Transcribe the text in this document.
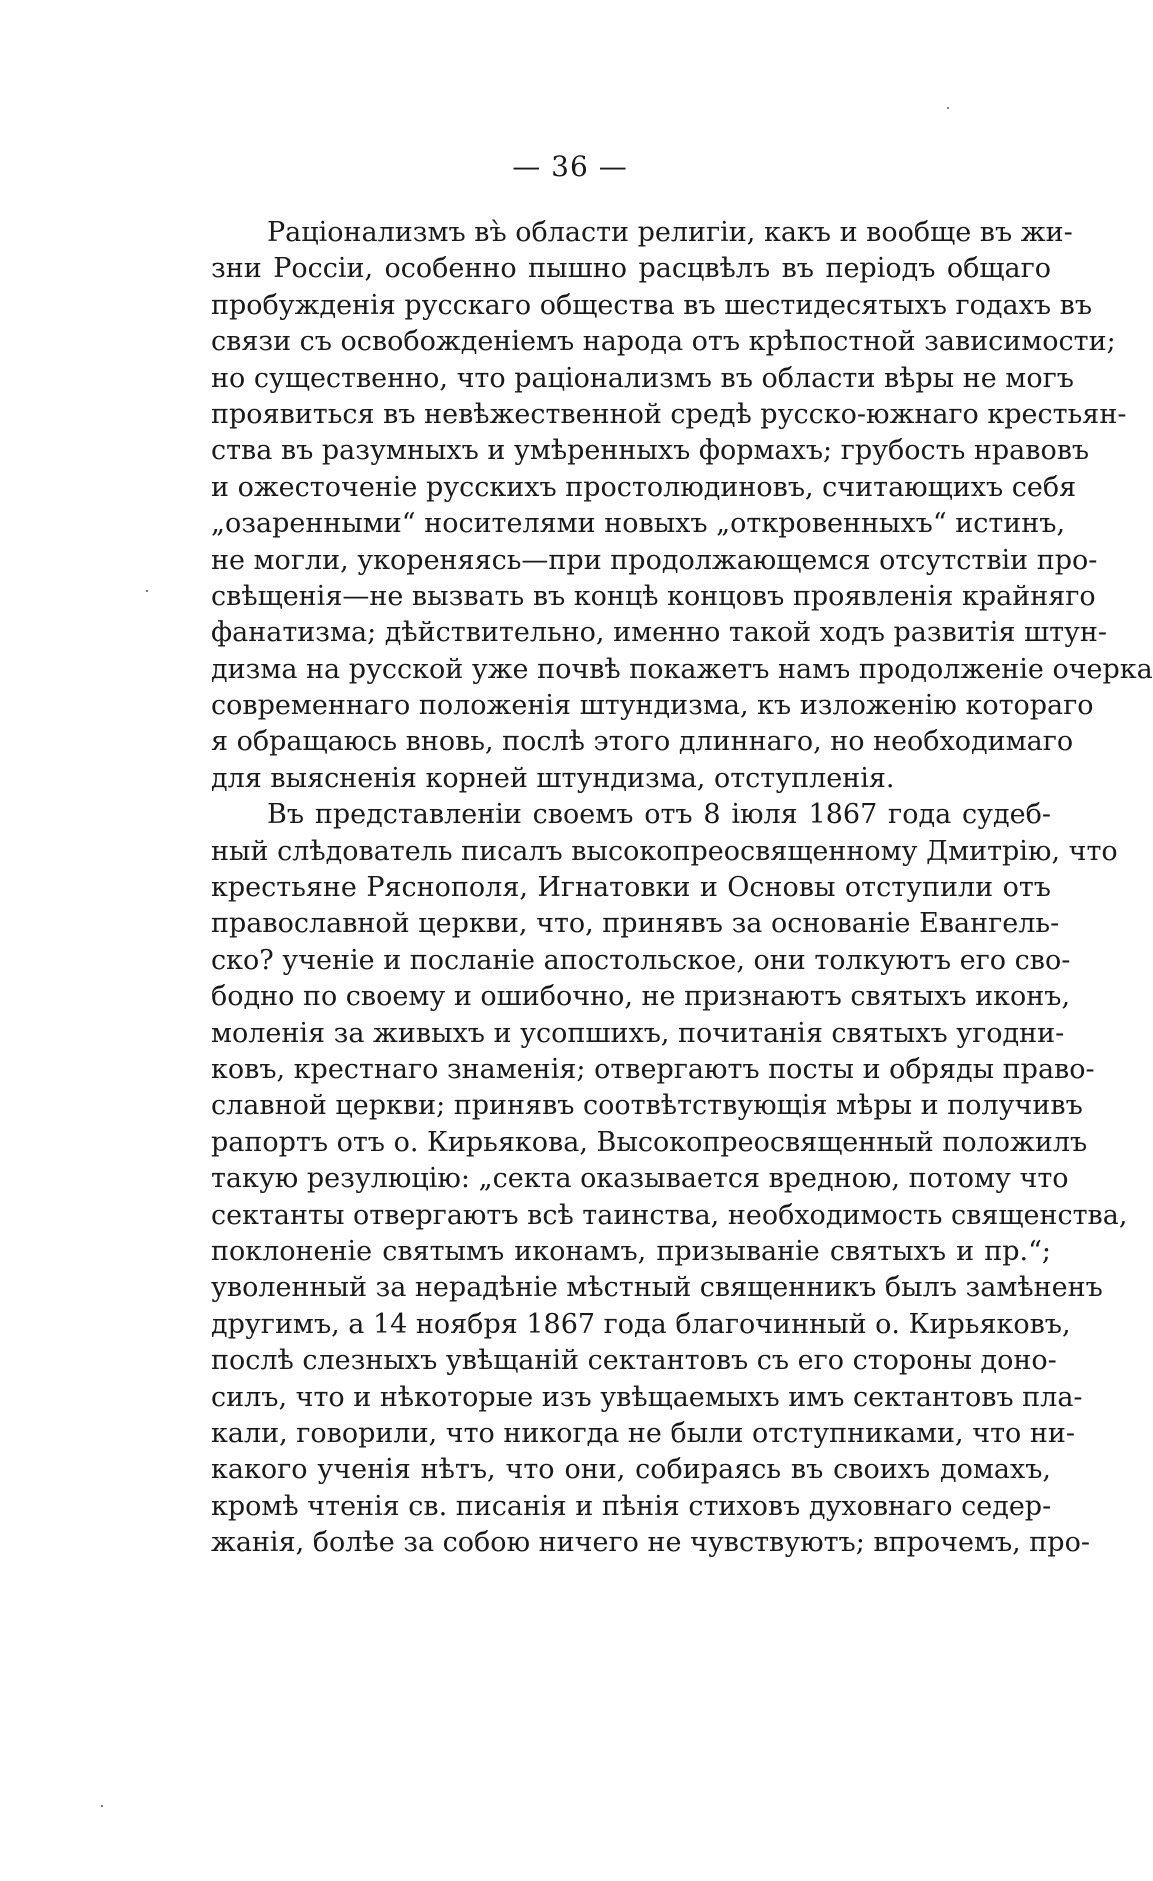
— 36 —
Раціонализмъ въ̀ области религіи, какъ и вообще въ жи-
зни Россіи, особенно пышно расцвѣлъ въ періодъ общаго
пробужденія русскаго общества въ шестидесятыхъ годахъ въ
связи съ освобожденіемъ народа отъ крѣпостной зависимости;
но существенно, что раціонализмъ въ области вѣры не могъ
проявиться въ невѣжественной средѣ русско-южнаго крестьян-
ства въ разумныхъ и умѣренныхъ формахъ; грубость нравовъ
и ожесточеніе русскихъ простолюдиновъ, считающихъ себя
„озаренными“ носителями новыхъ „откровенныхъ“ истинъ,
не могли, укореняясь—при продолжающемся отсутствіи про-
свѣщенія—не вызвать въ концѣ концовъ проявленія крайняго
фанатизма; дѣйствительно, именно такой ходъ развитія штун-
дизма на русской уже почвѣ покажетъ намъ продолженіе очерка
современнаго положенія штундизма, къ изложенію котораго
я обращаюсь вновь, послѣ этого длиннаго, но необходимаго
для выясненія корней штундизма, отступленія.
Въ представленіи своемъ отъ 8 іюля 1867 года судеб-
ный слѣдователь писалъ высокопреосвященному Дмитрію, что
крестьяне Ряснополя, Игнатовки и Основы отступили отъ
православной церкви, что, принявъ за основаніе Евангель-
ско? ученіе и посланіе апостольское, они толкуютъ его сво-
бодно по своему и ошибочно, не признаютъ святыхъ иконъ,
моленія за живыхъ и усопшихъ, почитанія святыхъ угодни-
ковъ, крестнаго знаменія; отвергаютъ посты и обряды право-
славной церкви; принявъ соотвѣтствующія мѣры и получивъ
рапортъ отъ о. Кирьякова, Высокопреосвященный положилъ
такую резулюцію: „секта оказывается вредною, потому что
сектанты отвергаютъ всѣ таинства, необходимость священства,
поклоненіе святымъ иконамъ, призываніе святыхъ и пр.“;
уволенный за нерадѣніе мѣстный священникъ былъ замѣненъ
другимъ, а 14 ноября 1867 года благочинный о. Кирьяковъ,
послѣ слезныхъ увѣщаній сектантовъ съ его стороны доно-
силъ, что и нѣкоторые изъ увѣщаемыхъ имъ сектантовъ пла-
кали, говорили, что никогда не были отступниками, что ни-
какого ученія нѣтъ, что они, собираясь въ своихъ домахъ,
кромѣ чтенія св. писанія и пѣнія стиховъ духовнаго седер-
жанія, болѣе за собою ничего не чувствуютъ; впрочемъ, про-
